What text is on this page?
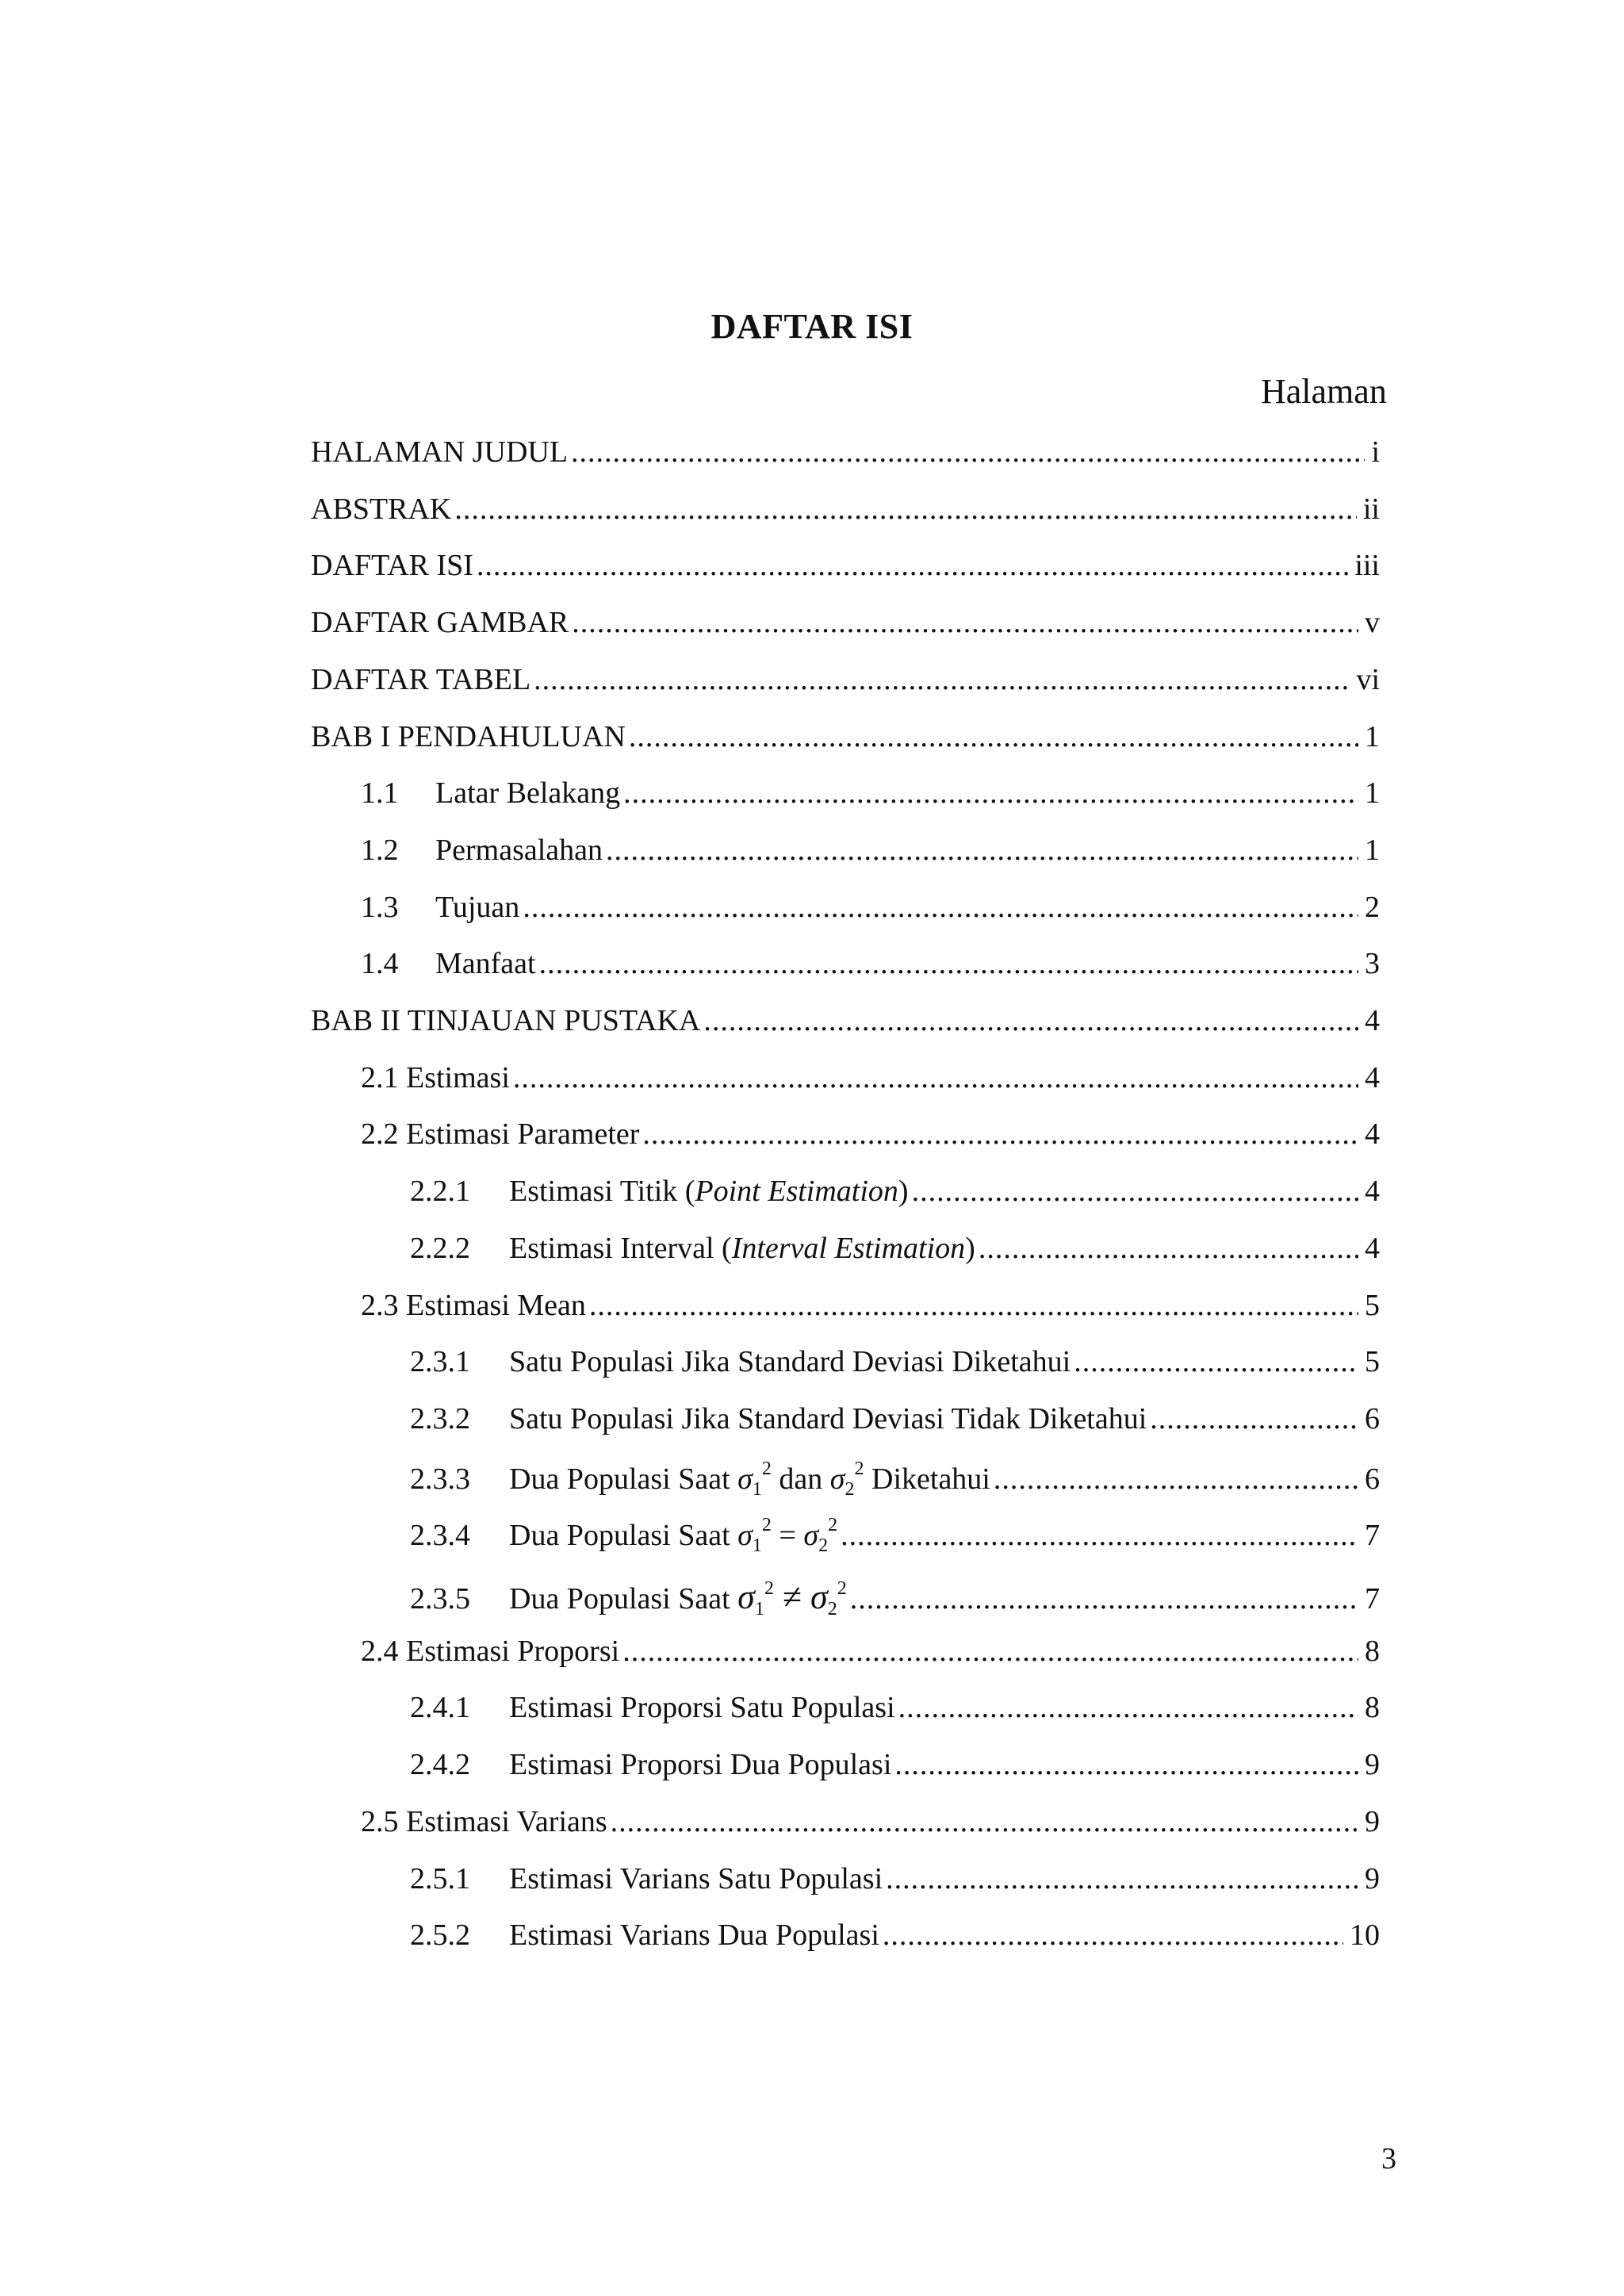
DAFTAR ISI
Halaman
HALAMAN JUDUL .....	i
ABSTRAK .....	ii
DAFTAR ISI .....	iii
DAFTAR GAMBAR .....	v
DAFTAR TABEL .....	vi
BAB I PENDAHULUAN .....	1
1.1	Latar Belakang .....	1
1.2	Permasalahan .....	1
1.3	Tujuan .....	2
1.4	Manfaat .....	3
BAB II TINJAUAN PUSTAKA .....	4
2.1 Estimasi .....	4
2.2 Estimasi Parameter .....	4
2.2.1	Estimasi Titik (Point Estimation) .....	4
2.2.2	Estimasi Interval (Interval Estimation) .....	4
2.3 Estimasi Mean .....	5
2.3.1	Satu Populasi Jika Standard Deviasi Diketahui .....	5
2.3.2	Satu Populasi Jika Standard Deviasi Tidak Diketahui .....	6
2.3.3	Dua Populasi Saat $\sigma_1^2$ dan $\sigma_2^2$ Diketahui .....	6
2.3.4	Dua Populasi Saat $\sigma_1^2 = \sigma_2^2$ .....	7
2.3.5	Dua Populasi Saat $\sigma_1^2 \ne \sigma_2^2$ .....	7
2.4 Estimasi Proporsi .....	8
2.4.1	Estimasi Proporsi Satu Populasi .....	8
2.4.2	Estimasi Proporsi Dua Populasi .....	9
2.5 Estimasi Varians .....	9
2.5.1	Estimasi Varians Satu Populasi .....	9
2.5.2	Estimasi Varians Dua Populasi .....	10
3
